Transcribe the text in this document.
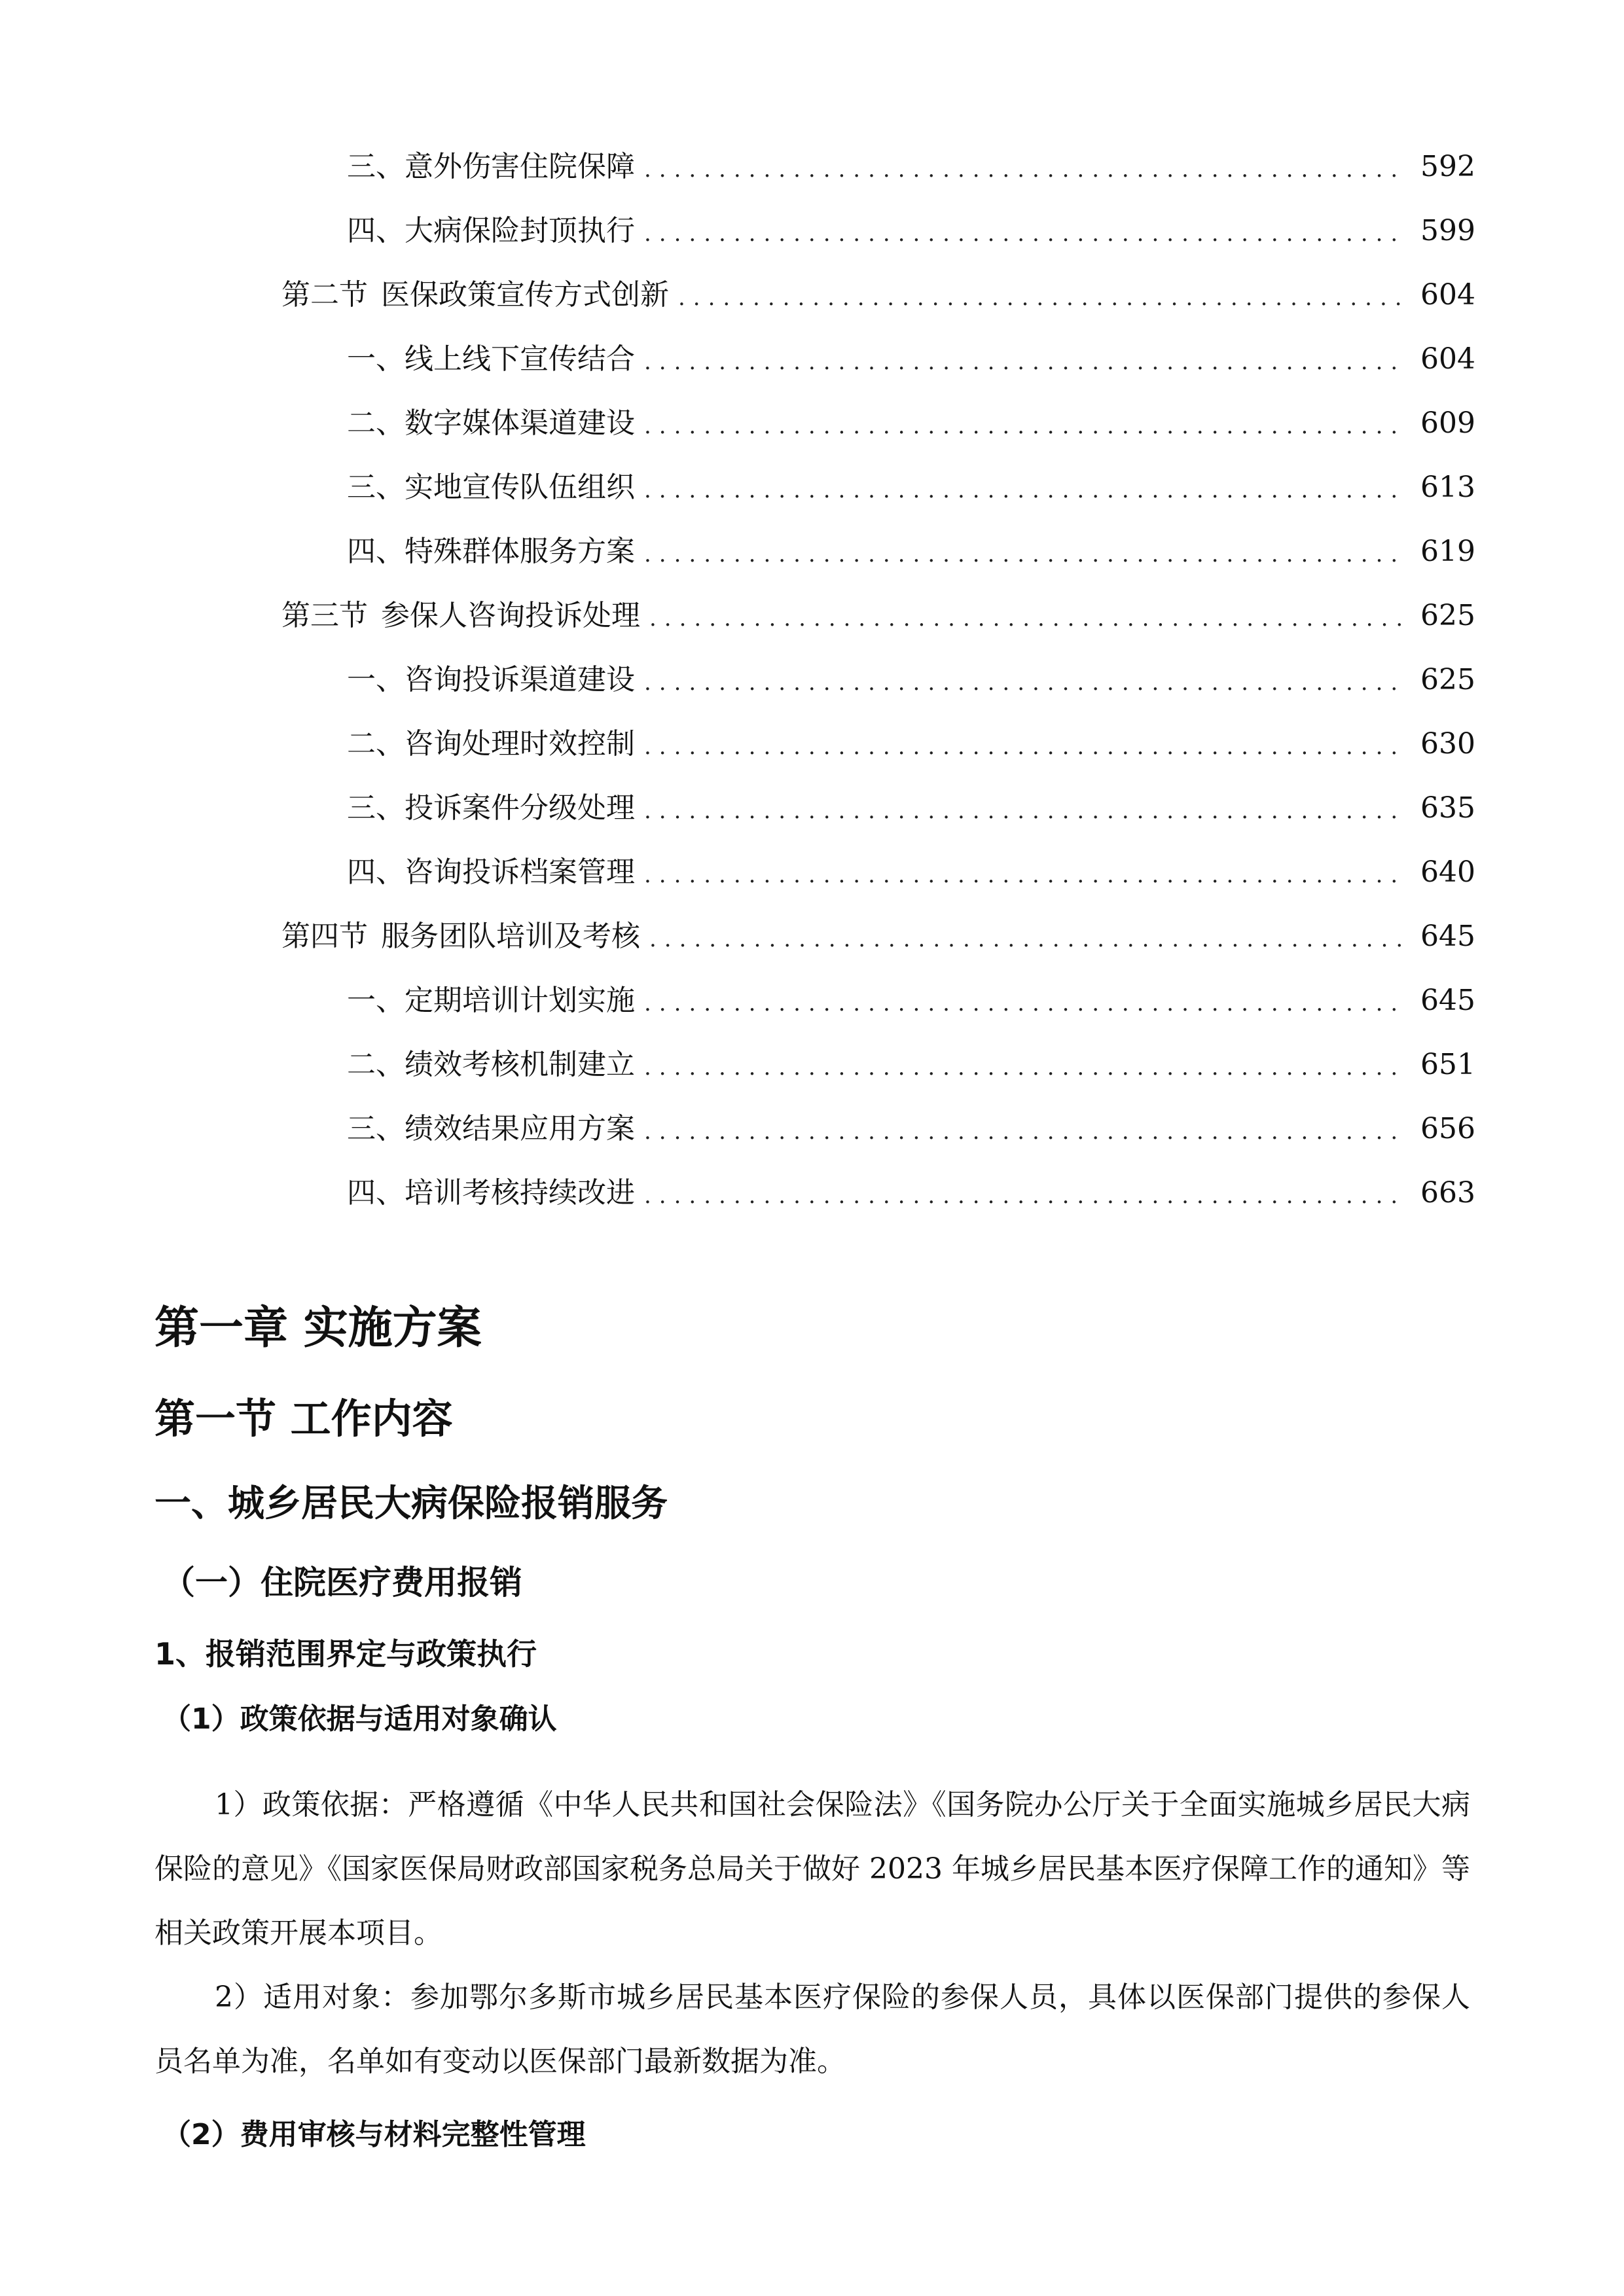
三、 意外伤害住院保障 .....	592
四、 大病保险封顶执行 .....	599
第二节 医保政策宣传方式创新 .....	604
一、 线上线下宣传结合 .....	604
二、 数字媒体渠道建设 .....	609
三、 实地宣传队伍组织 .....	613
四、 特殊群体服务方案 .....	619
第三节 参保人咨询投诉处理 .....	625
一、 咨询投诉渠道建设 .....	625
二、 咨询处理时效控制 .....	630
三、 投诉案件分级处理 .....	635
四、 咨询投诉档案管理 .....	640
第四节 服务团队培训及考核 .....	645
一、 定期培训计划实施 .....	645
二、 绩效考核机制建立 .....	651
三、 绩效结果应用方案 .....	656
四、 培训考核持续改进 .....	663
第一章 实施方案
第一节 工作内容
一、城乡居民大病保险报销服务
（一）住院医疗费用报销
1、报销范围界定与政策执行
（1）政策依据与适用对象确认

1）政策依据：严格遵循《中华人民共和国社会保险法》《国务院办公厅关于全面实施城乡居民大病保险的意见》《国家医保局财政部国家税务总局关于做好 2023 年城乡居民基本医疗保障工作的通知》等相关政策开展本项目。

2）适用对象：参加鄂尔多斯市城乡居民基本医疗保险的参保人员，具体以医保部门提供的参保人员名单为准，名单如有变动以医保部门最新数据为准。

（2）费用审核与材料完整性管理
